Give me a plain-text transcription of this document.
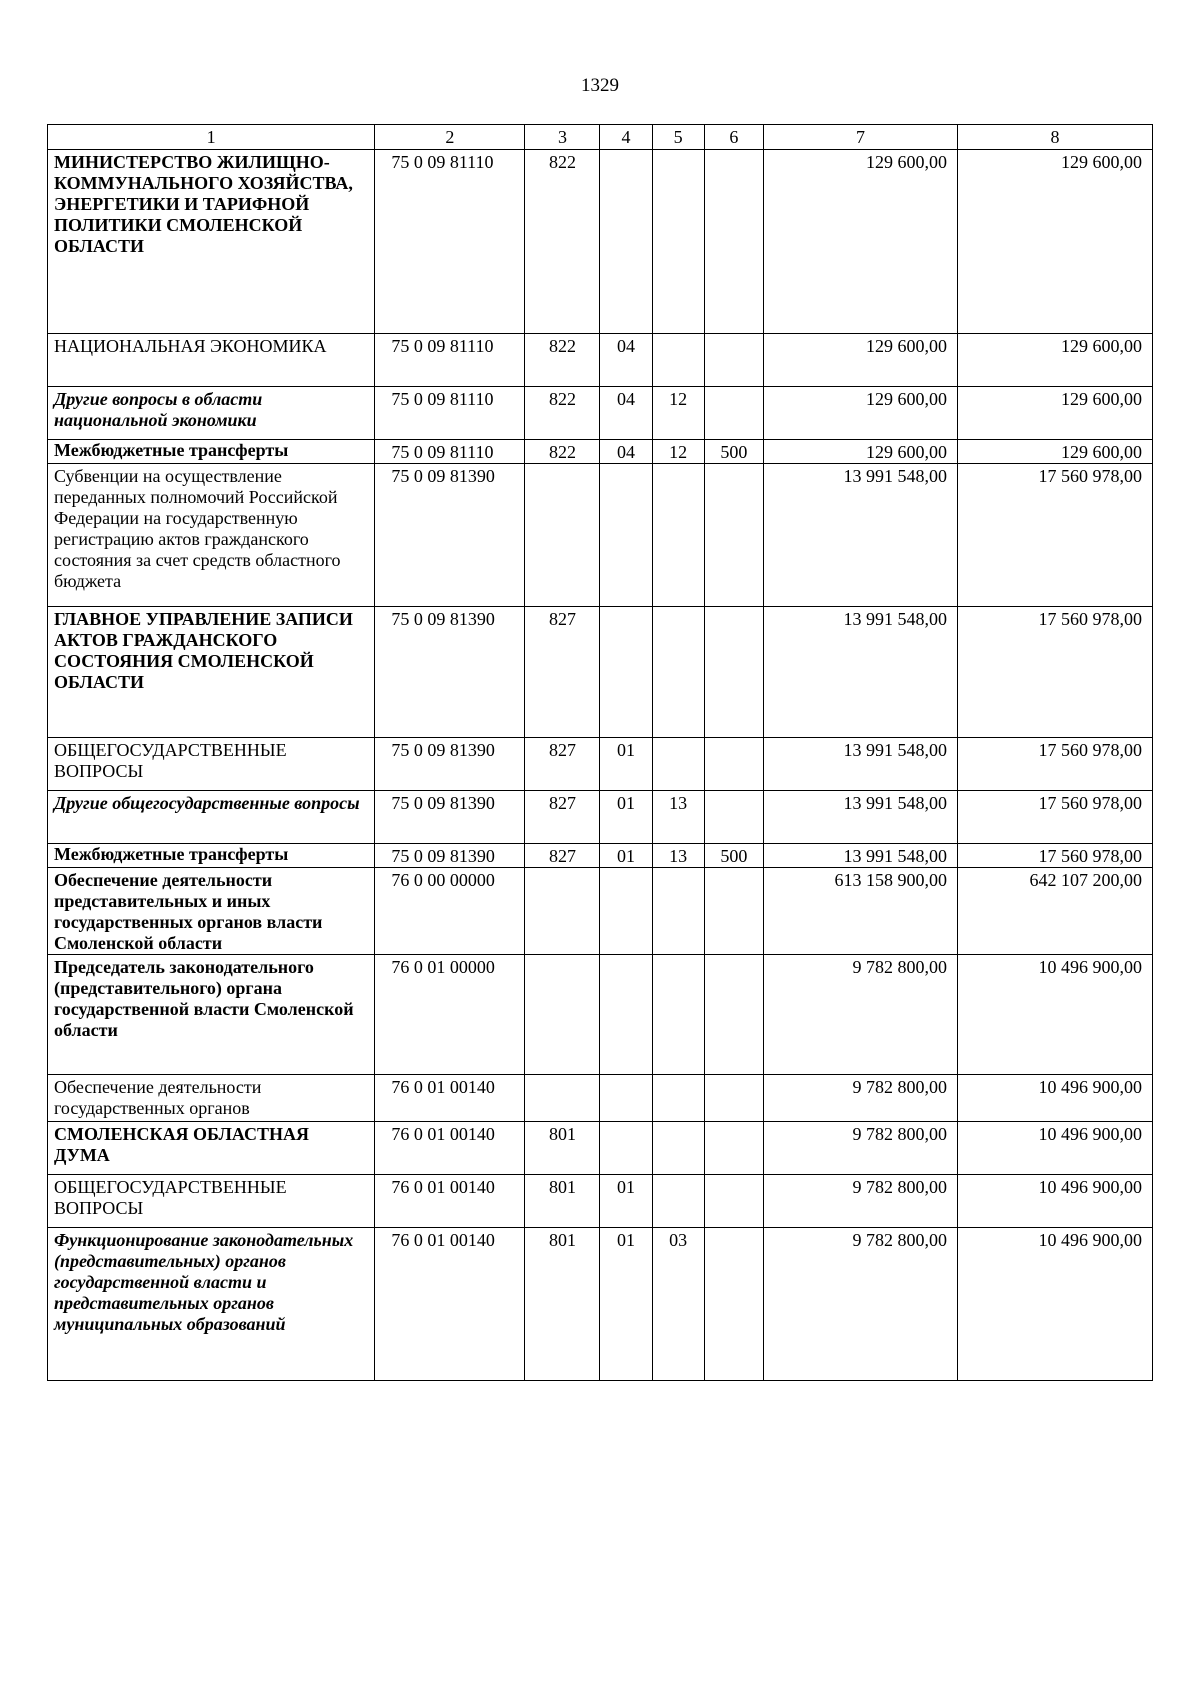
1329
1	2	3	4	5	6	7	8
МИНИСТЕРСТВО ЖИЛИЩНО-КОММУНАЛЬНОГО ХОЗЯЙСТВА, ЭНЕРГЕТИКИ И ТАРИФНОЙ ПОЛИТИКИ СМОЛЕНСКОЙ ОБЛАСТИ	75 0 09 81110	822				129 600,00	129 600,00
НАЦИОНАЛЬНАЯ ЭКОНОМИКА	75 0 09 81110	822	04			129 600,00	129 600,00
Другие вопросы в области национальной экономики	75 0 09 81110	822	04	12		129 600,00	129 600,00
Межбюджетные трансферты	75 0 09 81110	822	04	12	500	129 600,00	129 600,00
Субвенции на осуществление переданных полномочий Российской Федерации на государственную регистрацию актов гражданского состояния за счет средств областного бюджета	75 0 09 81390					13 991 548,00	17 560 978,00
ГЛАВНОЕ УПРАВЛЕНИЕ ЗАПИСИ АКТОВ ГРАЖДАНСКОГО СОСТОЯНИЯ СМОЛЕНСКОЙ ОБЛАСТИ	75 0 09 81390	827				13 991 548,00	17 560 978,00
ОБЩЕГОСУДАРСТВЕННЫЕ ВОПРОСЫ	75 0 09 81390	827	01			13 991 548,00	17 560 978,00
Другие общегосударственные вопросы	75 0 09 81390	827	01	13		13 991 548,00	17 560 978,00
Межбюджетные трансферты	75 0 09 81390	827	01	13	500	13 991 548,00	17 560 978,00
Обеспечение деятельности представительных и иных государственных органов власти Смоленской области	76 0 00 00000					613 158 900,00	642 107 200,00
Председатель законодательного (представительного) органа государственной власти Смоленской области	76 0 01 00000					9 782 800,00	10 496 900,00
Обеспечение деятельности государственных органов	76 0 01 00140					9 782 800,00	10 496 900,00
СМОЛЕНСКАЯ ОБЛАСТНАЯ ДУМА	76 0 01 00140	801				9 782 800,00	10 496 900,00
ОБЩЕГОСУДАРСТВЕННЫЕ ВОПРОСЫ	76 0 01 00140	801	01			9 782 800,00	10 496 900,00
Функционирование законодательных (представительных) органов государственной власти и представительных органов муниципальных образований	76 0 01 00140	801	01	03		9 782 800,00	10 496 900,00
